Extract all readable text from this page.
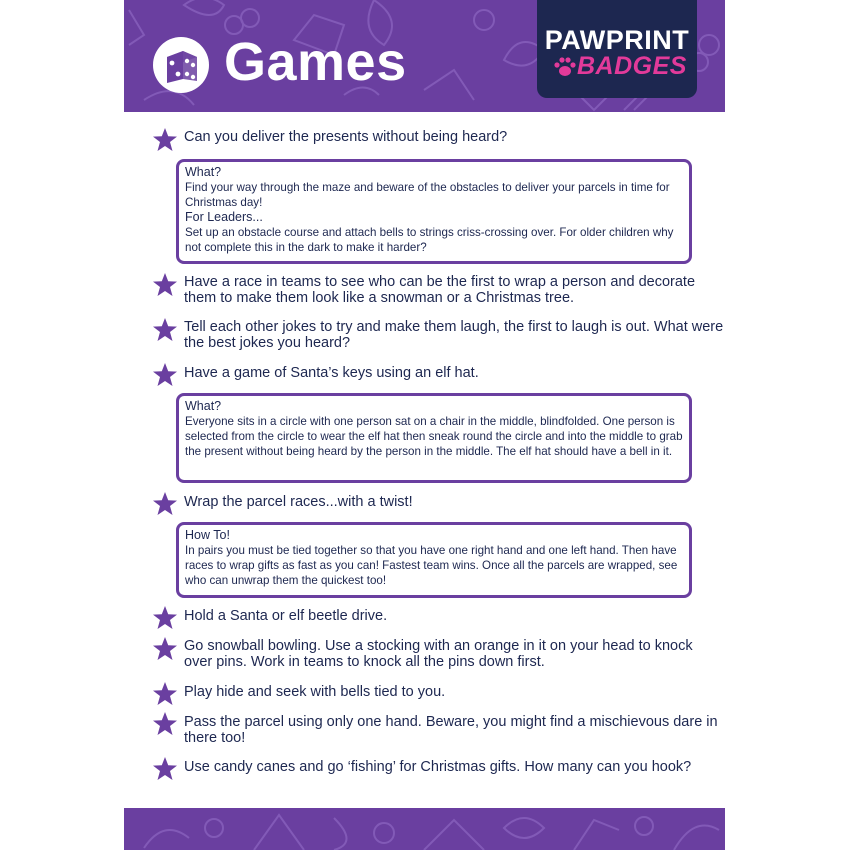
Games	PAWPRINT
BADGES
Can you deliver the presents without being heard?
What?
Find your way through the maze and beware of the obstacles to deliver your parcels in time for Christmas day!
For Leaders...
Set up an obstacle course and attach bells to strings criss-crossing over. For older children why not complete this in the dark to make it harder?
Have a race in teams to see who can be the first to wrap a person and decorate them to make them look like a snowman or a Christmas tree.
Tell each other jokes to try and make them laugh, the first to laugh is out. What were the best jokes you heard?
Have a game of Santa’s keys using an elf hat.
What?
Everyone sits in a circle with one person sat on a chair in the middle, blindfolded. One person is selected from the circle to wear the elf hat then sneak round the circle and into the middle to grab the present without being heard by the person in the middle. The elf hat should have a bell in it.
Wrap the parcel races...with a twist!
How To!
In pairs you must be tied together so that you have one right hand and one left hand. Then have races to wrap gifts as fast as you can! Fastest team wins. Once all the parcels are wrapped, see who can unwrap them the quickest too!
Hold a Santa or elf beetle drive.
Go snowball bowling. Use a stocking with an orange in it on your head to knock over pins. Work in teams to knock all the pins down first.
Play hide and seek with bells tied to you.
Pass the parcel using only one hand. Beware, you might find a mischievous dare in there too!
Use candy canes and go ‘fishing’ for Christmas gifts. How many can you hook?
